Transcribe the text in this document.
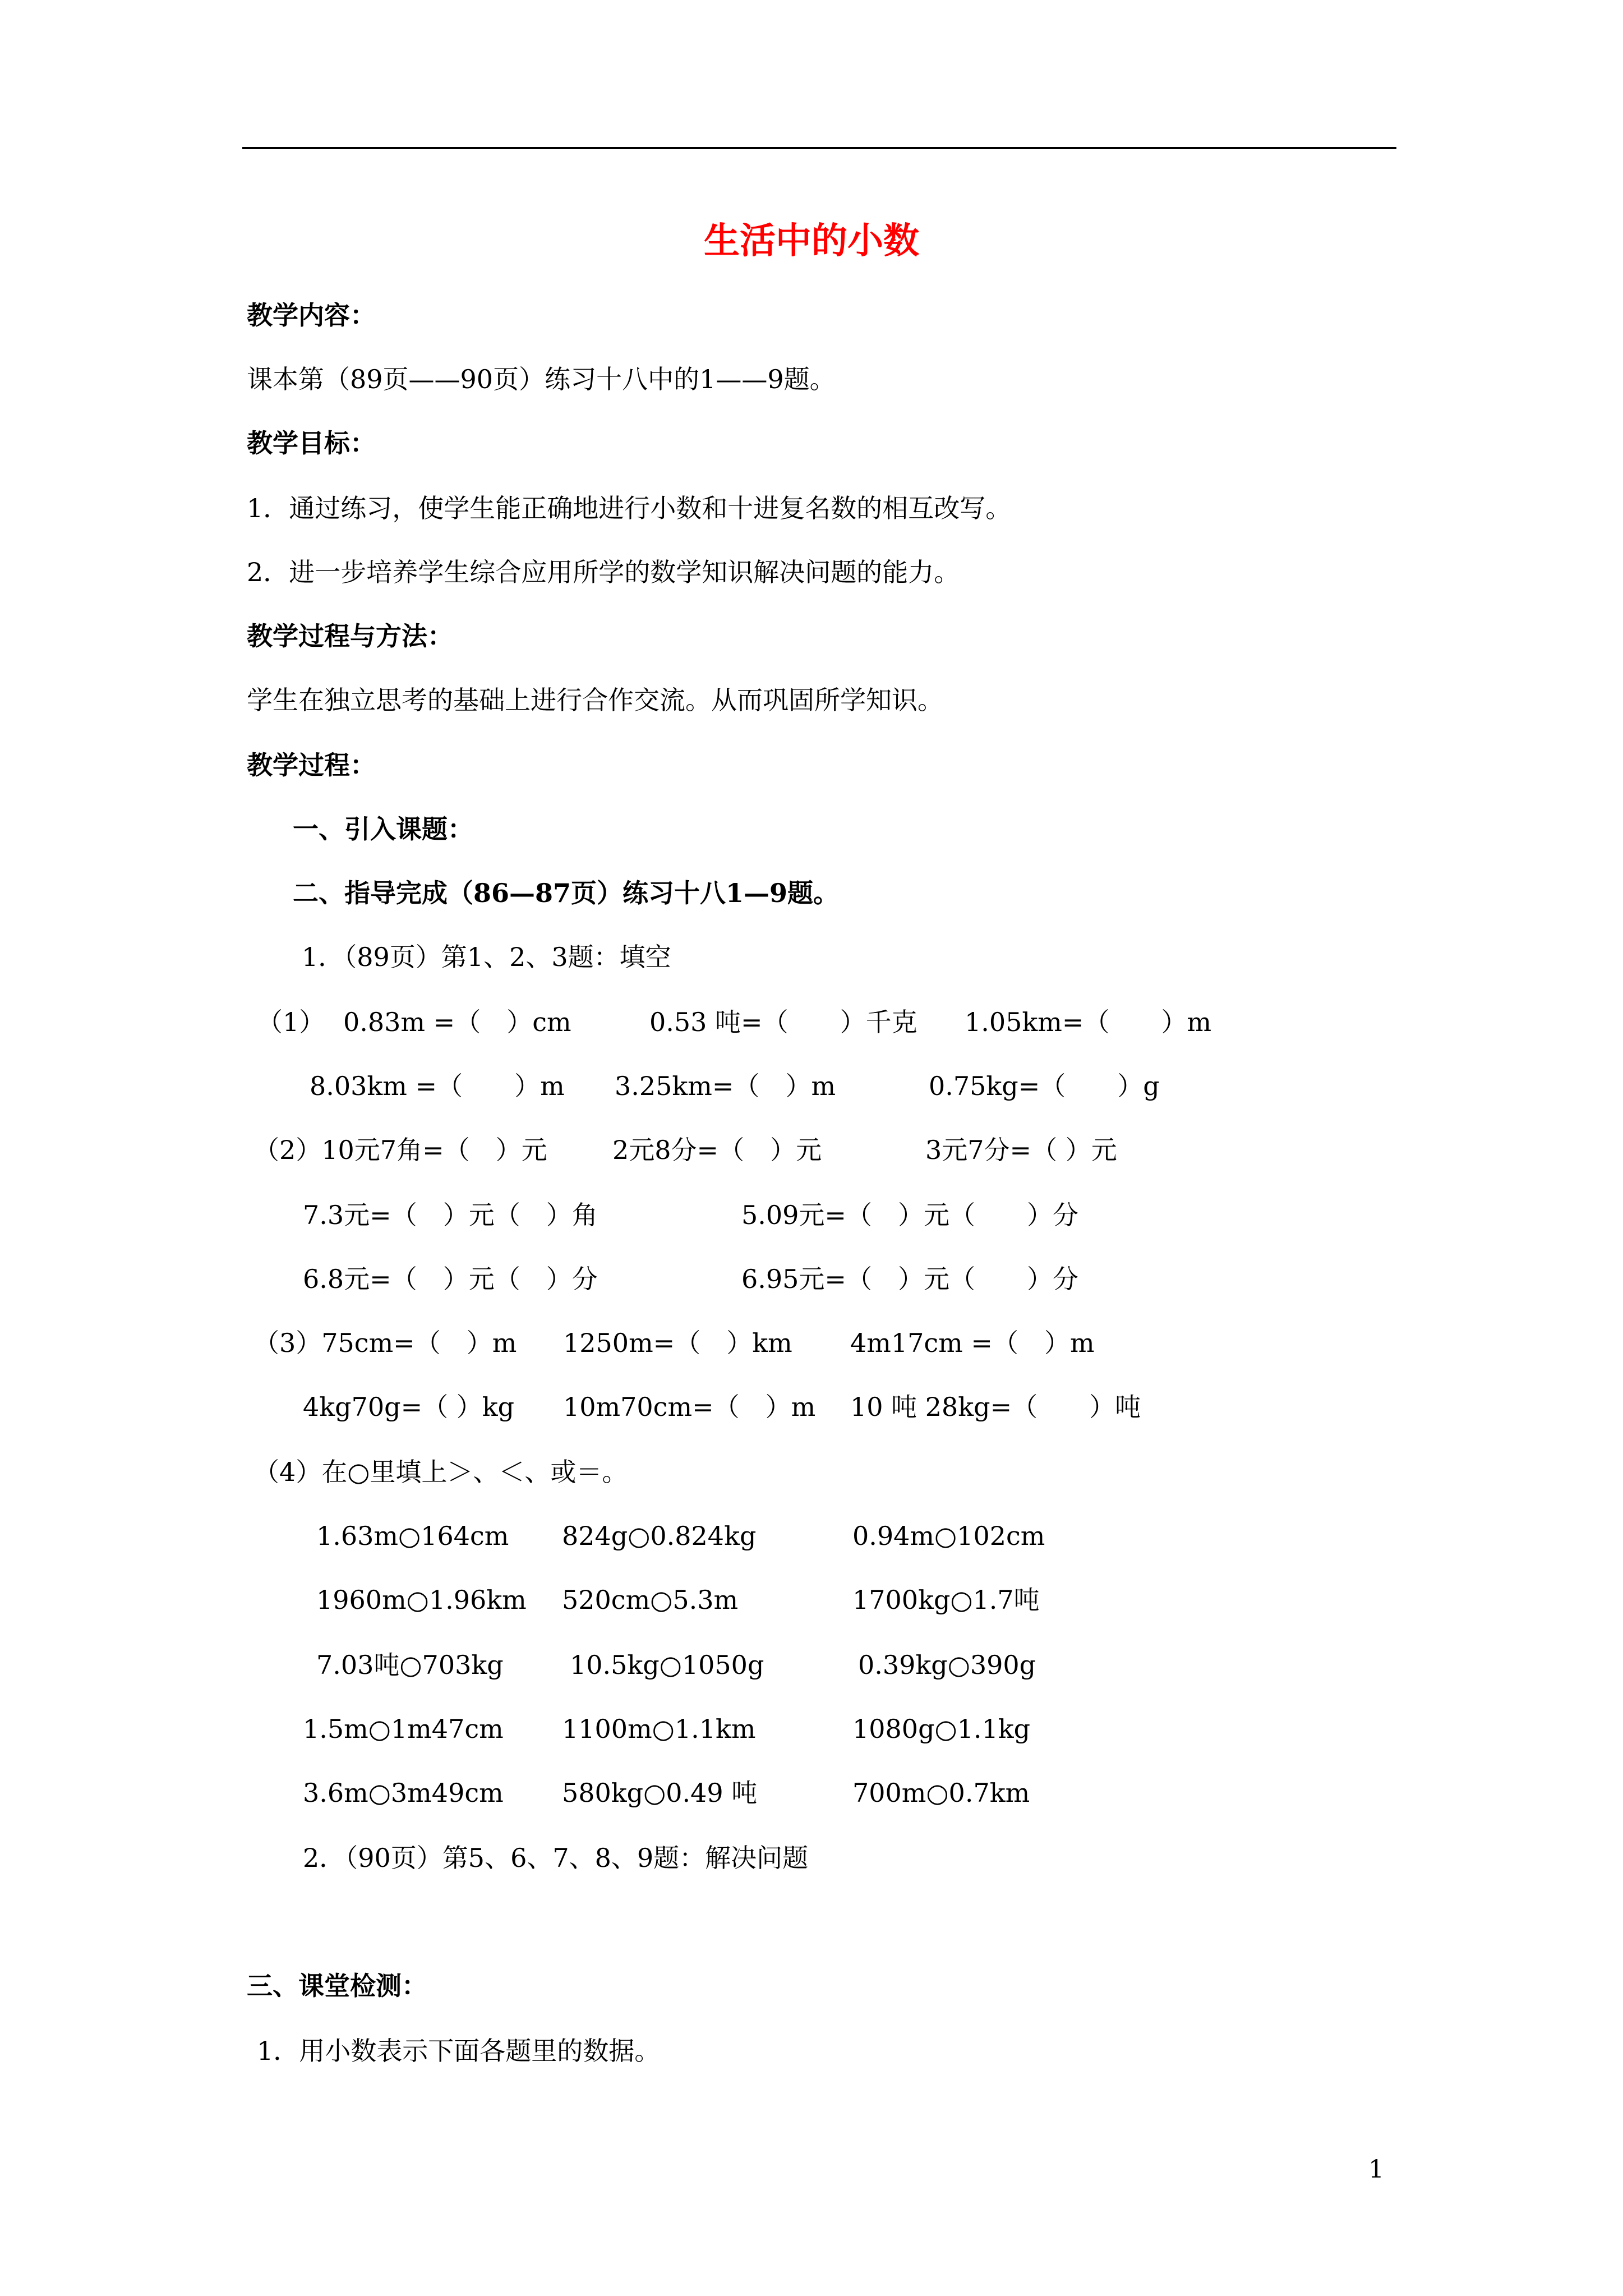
生活中的小数

教学内容：

课本第（89页——90页）练习十八中的1——9题。

教学目标：

1．通过练习，使学生能正确地进行小数和十进复名数的相互改写。

2．进一步培养学生综合应用所学的数学知识解决问题的能力。

教学过程与方法：

学生在独立思考的基础上进行合作交流。从而巩固所学知识。

教学过程：

一、引入课题：

二、指导完成（86—87页）练习十八1—9题。

1．（89页）第1、2、3题：填空

（1） 0.83m =（　）cm	0.53 吨=（　　）千克 1.05km=（　　）m

8.03km =（　　）m 3.25km=（　）m	0.75kg=（　　）g

（2）10元7角=（　）元	2元8分=（　）元	3元7分=（ ）元

7.3元=（　）元（　）角	5.09元=（　）元（　　）分

6.8元=（　）元（　）分	6.95元=（　）元（　　）分

（3）75cm=（　）m 1250m=（　）km 4m17cm =（　）m

4kg70g=（ ）kg 10m70cm=（　）m 10 吨 28kg=（　　）吨

（4）在○里填上＞、＜、或＝。

1.63m○164cm 824g○0.824kg	0.94m○102cm

1960m○1.96km 520cm○5.3m	1700kg○1.7吨

7.03吨○703kg	10.5kg○1050g	0.39kg○390g

1.5m○1m47cm 1100m○1.1km	1080g○1.1kg

3.6m○3m49cm 580kg○0.49 吨	700m○0.7km

2．（90页）第5、6、7、8、9题：解决问题

三、课堂检测：

1．用小数表示下面各题里的数据。

1
